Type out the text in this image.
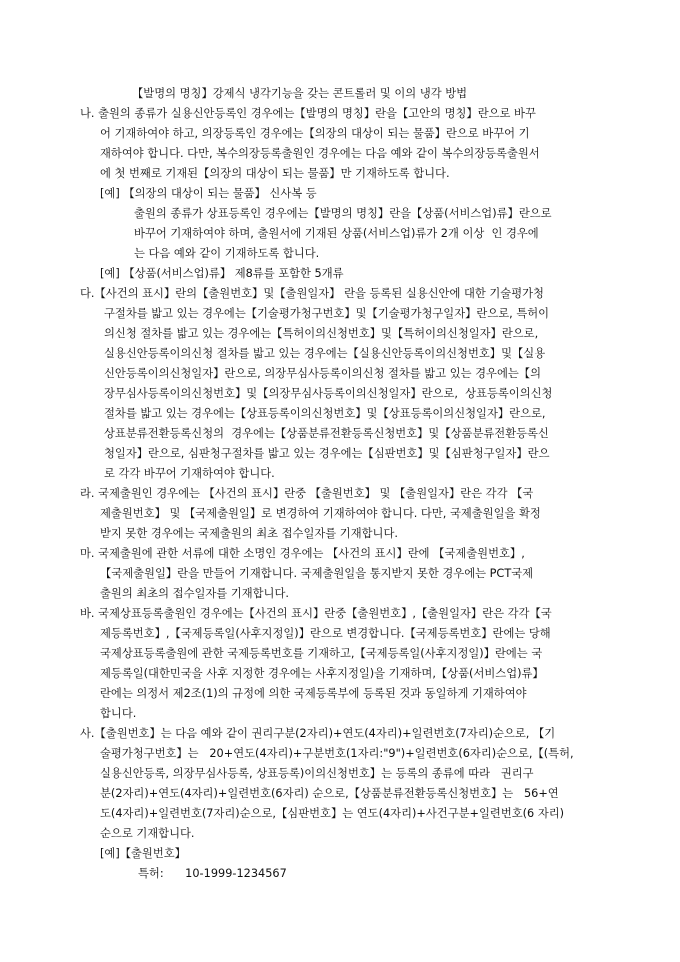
【발명의 명칭】강제식 냉각기능을 갖는 콘트롤러 및 이의 냉각 방법
나. 출원의 종류가 실용신안등록인 경우에는【발명의 명칭】란을【고안의 명칭】란으로 바꾸
어 기재하여야 하고, 의장등록인 경우에는【의장의 대상이 되는 물품】란으로 바꾸어 기
재하여야 합니다. 다만, 복수의장등록출원인 경우에는 다음 예와 같이 복수의장등록출원서
에 첫 번째로 기재된【의장의 대상이 되는 물품】만 기재하도록 합니다.
[예] 【의장의 대상이 되는 물품】 신사복 등
출원의 종류가 상표등록인 경우에는【발명의 명칭】란을【상품(서비스업)류】란으로
바꾸어 기재하여야 하며, 출원서에 기재된 상품(서비스업)류가 2개 이상  인 경우에
는 다음 예와 같이 기재하도록 합니다.
[예] 【상품(서비스업)류】 제8류를 포함한 5개류
다.【사건의 표시】란의【출원번호】및【출원일자】 란을 등록된 실용신안에 대한 기술평가청
구절차를 밟고 있는 경우에는【기술평가청구번호】및【기술평가청구일자】란으로, 특허이
의신청 절차를 밟고 있는 경우에는【특허이의신청번호】및【특허이의신청일자】란으로,
실용신안등록이의신청 절차를 밟고 있는 경우에는【실용신안등록이의신청번호】및【실용
신안등록이의신청일자】란으로, 의장무심사등록이의신청 절차를 밟고 있는 경우에는【의
장무심사등록이의신청번호】및【의장무심사등록이의신청일자】란으로,  상표등록이의신청
절차를 밟고 있는 경우에는【상표등록이의신청번호】및【상표등록이의신청일자】란으로,
상표분류전환등록신청의  경우에는【상품분류전환등록신청번호】및【상품분류전환등록신
청일자】란으로, 심판청구절차를 밟고 있는 경우에는【심판번호】및【심판청구일자】란으
로 각각 바꾸어 기재하여야 합니다.
라. 국제출원인 경우에는 【사건의 표시】란중 【출원번호】 및 【출원일자】란은 각각 【국
제출원번호】 및 【국제출원일】로 변경하여 기재하여야 합니다. 다만, 국제출원일을 확정
받지 못한 경우에는 국제출원의 최초 접수일자를 기재합니다.
마. 국제출원에 관한 서류에 대한 소명인 경우에는 【사건의 표시】란에 【국제출원번호】,
【국제출원일】란을 만들어 기재합니다. 국제출원일을 통지받지 못한 경우에는 PCT국제
출원의 최초의 접수일자를 기재합니다.
바. 국제상표등록출원인 경우에는【사건의 표시】란중【출원번호】,【출원일자】란은 각각【국
제등록번호】,【국제등록일(사후지정일)】란으로 변경합니다.【국제등록번호】란에는 당해
국제상표등록출원에 관한 국제등록번호를 기재하고,【국제등록일(사후지정일)】란에는 국
제등록일(대한민국을 사후 지정한 경우에는 사후지정일)을 기재하며,【상품(서비스업)류】
란에는 의정서 제2조(1)의 규정에 의한 국제등록부에 등록된 것과 동일하게 기재하여야
합니다.
사.【출원번호】는 다음 예와 같이 권리구분(2자리)+연도(4자리)+일련번호(7자리)순으로, 【기
술평가청구번호】는   20+연도(4자리)+구분번호(1자리:"9")+일련번호(6자리)순으로,【(특허,
실용신안등록, 의장무심사등록, 상표등록)이의신청번호】는 등록의 종류에 따라   권리구
분(2자리)+연도(4자리)+일련번호(6자리) 순으로,【상품분류전환등록신청번호】는   56+연
도(4자리)+일련번호(7자리)순으로,【심판번호】는 연도(4자리)+사건구분+일련번호(6 자리)
순으로 기재합니다.
[예]【출원번호】
특허:      10-1999-1234567
